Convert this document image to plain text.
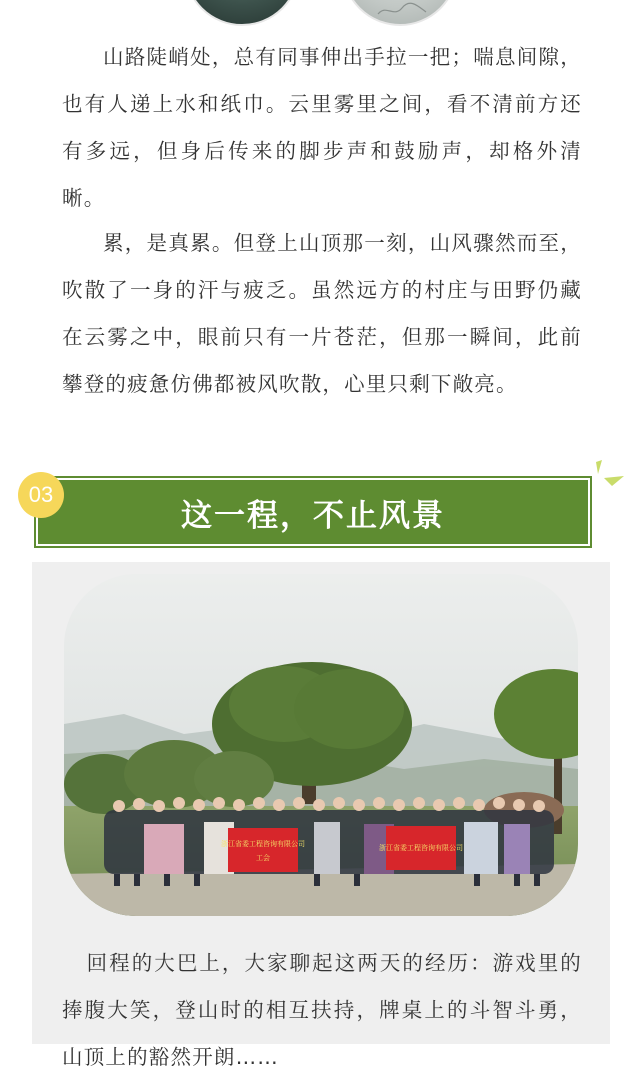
山路陡峭处，总有同事伸出手拉一把；喘息间隙，也有人递上水和纸巾。云里雾里之间，看不清前方还有多远，但身后传来的脚步声和鼓励声，却格外清晰。

累，是真累。但登上山顶那一刻，山风骤然而至，吹散了一身的汗与疲乏。虽然远方的村庄与田野仍藏在云雾之中，眼前只有一片苍茫，但那一瞬间，此前攀登的疲惫仿佛都被风吹散，心里只剩下敞亮。

这一程，不止风景
03
浙江省委工程咨询有限公司
工会
浙江省委工程咨询有限公司

回程的大巴上，大家聊起这两天的经历：游戏里的捧腹大笑，登山时的相互扶持，牌桌上的斗智斗勇，山顶上的豁然开朗……
